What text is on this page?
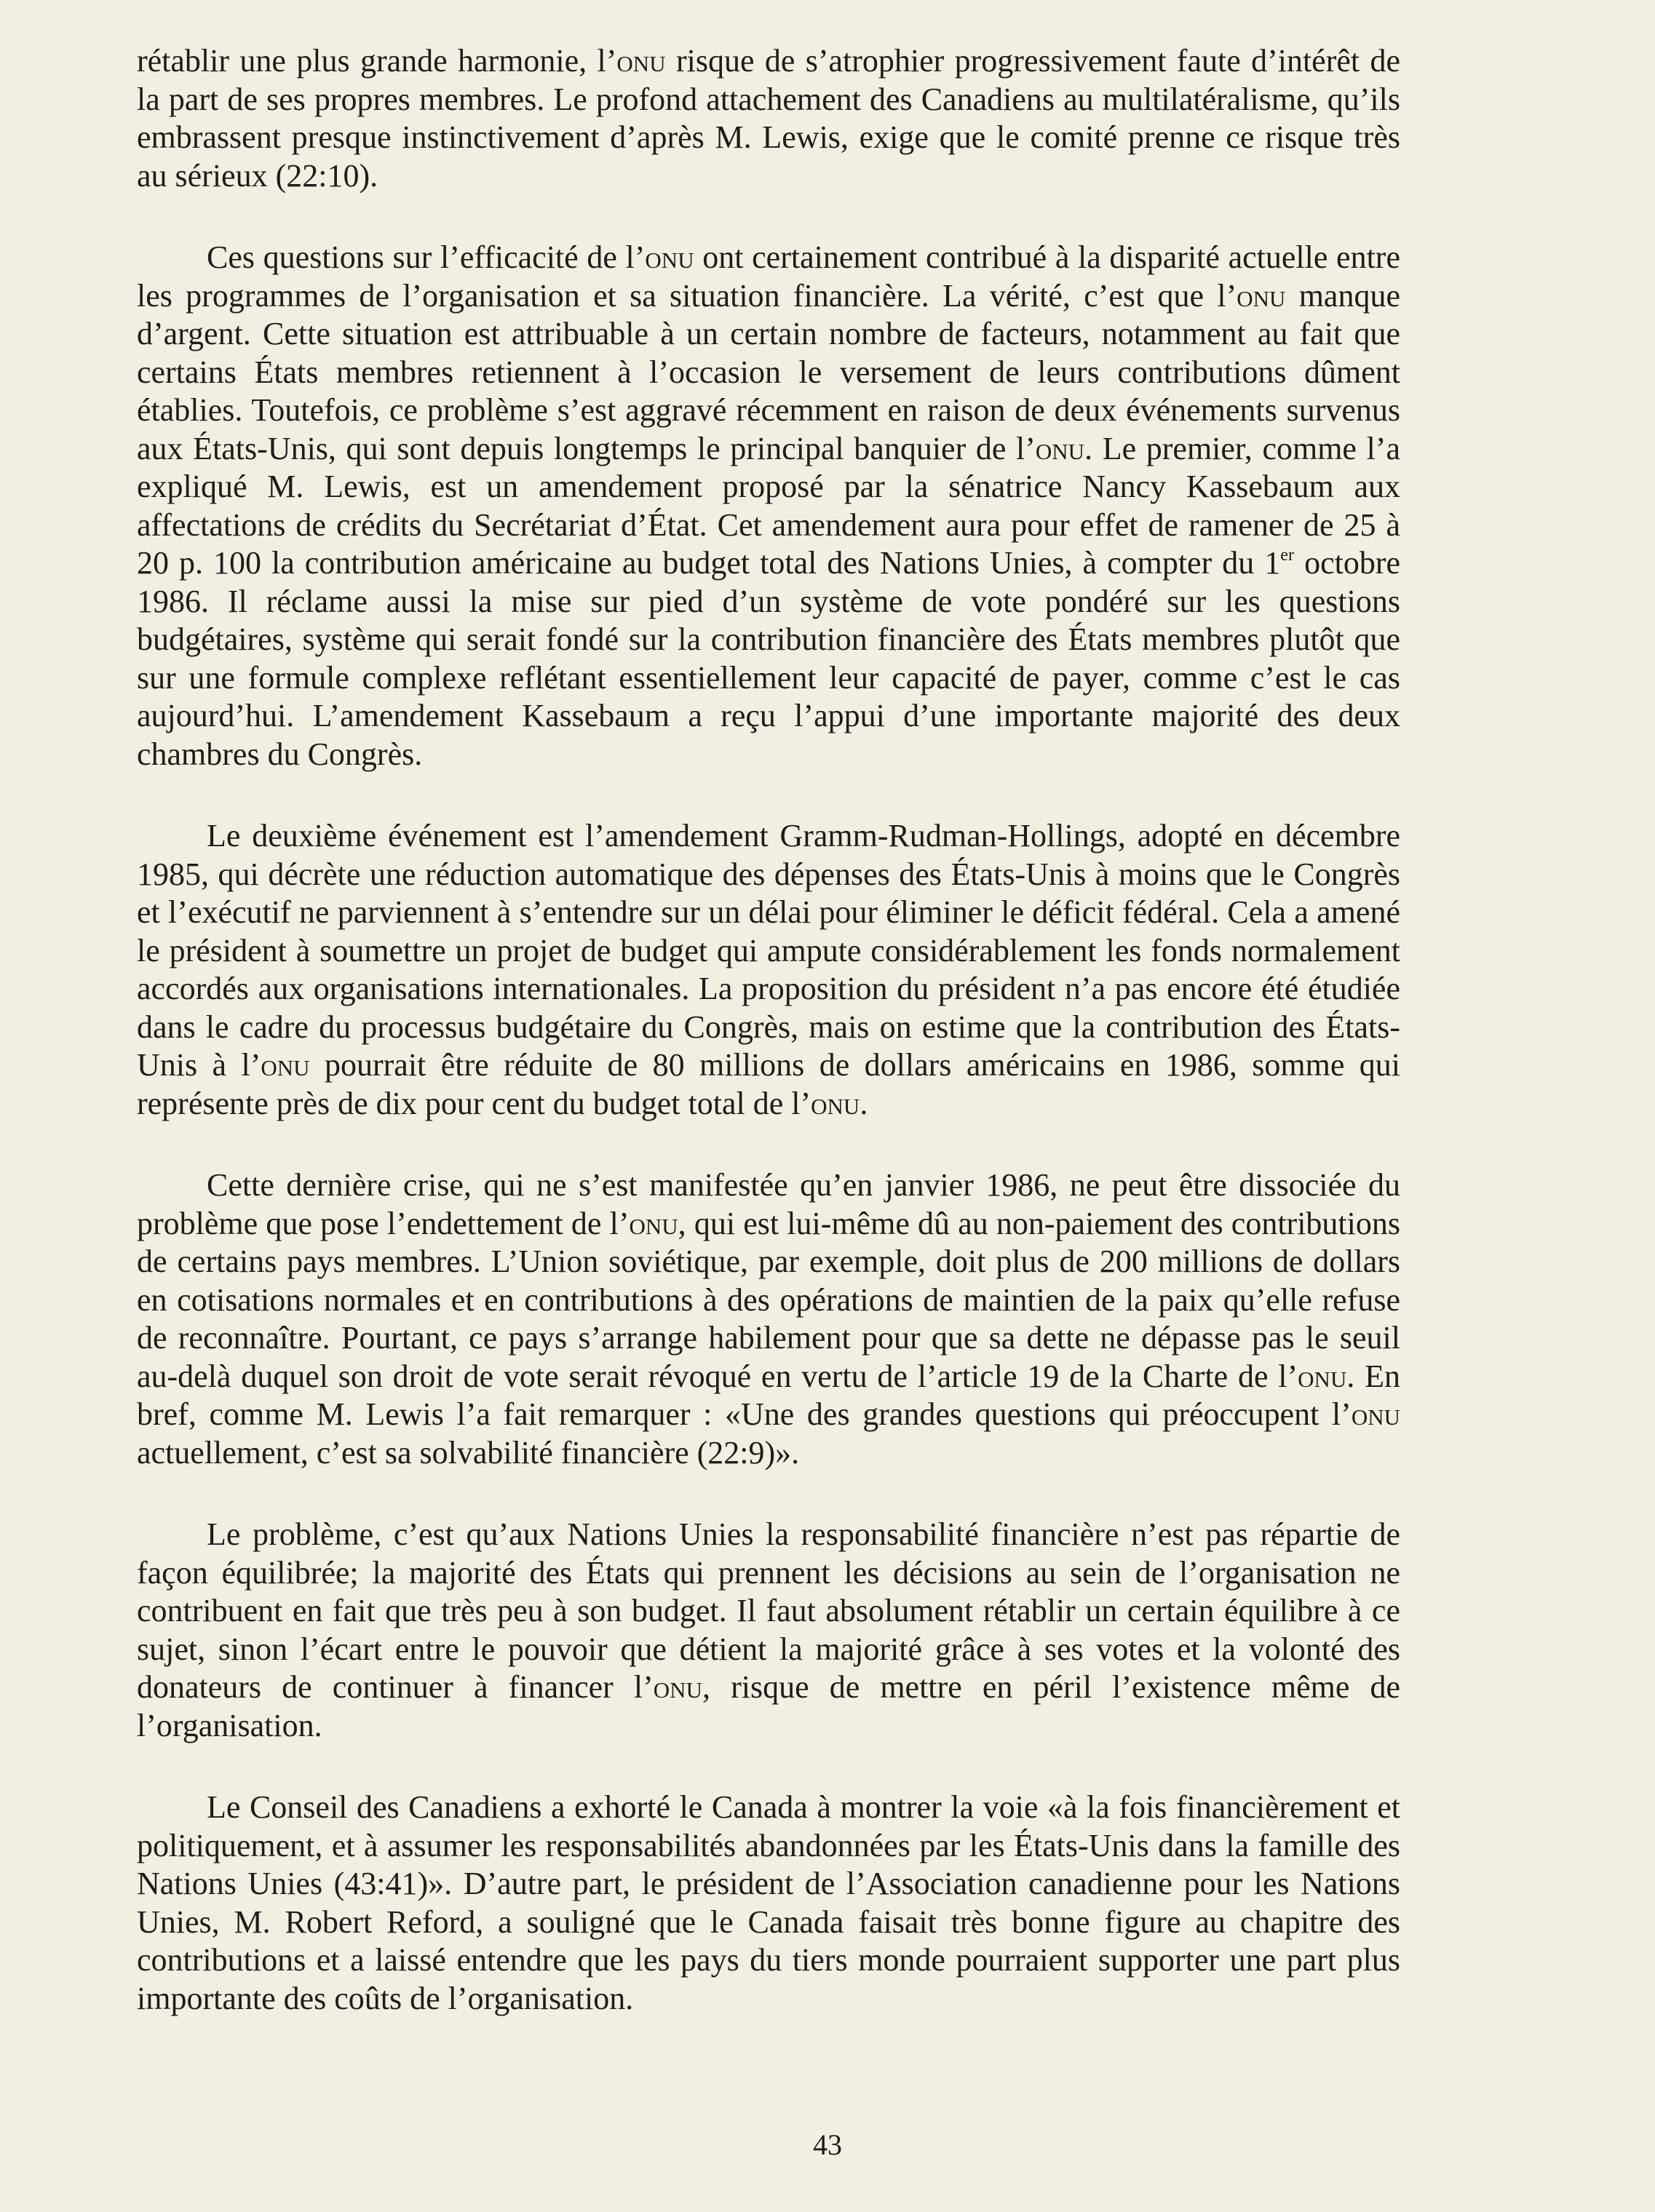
rétablir une plus grande harmonie, l’onu risque de s’atrophier progressivement faute d’intérêt de la part de ses propres membres. Le profond attachement des Canadiens au multilatéralisme, qu’ils embrassent presque instinctivement d’après M. Lewis, exige que le comité prenne ce risque très au sérieux (22:10).

Ces questions sur l’efficacité de l’onu ont certainement contribué à la disparité actuelle entre les programmes de l’organisation et sa situation financière. La vérité, c’est que l’onu manque d’argent. Cette situation est attribuable à un certain nombre de facteurs, notamment au fait que certains États membres retiennent à l’occasion le versement de leurs contributions dûment établies. Toutefois, ce problème s’est aggravé récemment en raison de deux événements survenus aux États-Unis, qui sont depuis longtemps le principal banquier de l’onu. Le premier, comme l’a expliqué M. Lewis, est un amendement proposé par la sénatrice Nancy Kassebaum aux affectations de crédits du Secrétariat d’État. Cet amendement aura pour effet de ramener de 25 à 20 p. 100 la contribution américaine au budget total des Nations Unies, à compter du 1er octobre 1986. Il réclame aussi la mise sur pied d’un système de vote pondéré sur les questions budgétaires, système qui serait fondé sur la contribution financière des États membres plutôt que sur une formule complexe reflétant essentiellement leur capacité de payer, comme c’est le cas aujourd’hui. L’amendement Kassebaum a reçu l’appui d’une importante majorité des deux chambres du Congrès.

Le deuxième événement est l’amendement Gramm-Rudman-Hollings, adopté en décembre 1985, qui décrète une réduction automatique des dépenses des États-Unis à moins que le Congrès et l’exécutif ne parviennent à s’entendre sur un délai pour éliminer le déficit fédéral. Cela a amené le président à soumettre un projet de budget qui ampute considérablement les fonds normalement accordés aux organisations internationales. La proposition du président n’a pas encore été étudiée dans le cadre du processus budgétaire du Congrès, mais on estime que la contribution des États-Unis à l’onu pourrait être réduite de 80 millions de dollars américains en 1986, somme qui représente près de dix pour cent du budget total de l’onu.

Cette dernière crise, qui ne s’est manifestée qu’en janvier 1986, ne peut être dissociée du problème que pose l’endettement de l’onu, qui est lui-même dû au non-paiement des contributions de certains pays membres. L’Union soviétique, par exemple, doit plus de 200 millions de dollars en cotisations normales et en contributions à des opérations de maintien de la paix qu’elle refuse de reconnaître. Pourtant, ce pays s’arrange habilement pour que sa dette ne dépasse pas le seuil au-delà duquel son droit de vote serait révoqué en vertu de l’article 19 de la Charte de l’onu. En bref, comme M. Lewis l’a fait remarquer : «Une des grandes questions qui préoccupent l’onu actuellement, c’est sa solvabilité financière (22:9)».

Le problème, c’est qu’aux Nations Unies la responsabilité financière n’est pas répartie de façon équilibrée; la majorité des États qui prennent les décisions au sein de l’organisation ne contribuent en fait que très peu à son budget. Il faut absolument rétablir un certain équilibre à ce sujet, sinon l’écart entre le pouvoir que détient la majorité grâce à ses votes et la volonté des donateurs de continuer à financer l’onu, risque de mettre en péril l’existence même de l’organisation.

Le Conseil des Canadiens a exhorté le Canada à montrer la voie «à la fois financièrement et politiquement, et à assumer les responsabilités abandonnées par les États-Unis dans la famille des Nations Unies (43:41)». D’autre part, le président de l’Association canadienne pour les Nations Unies, M. Robert Reford, a souligné que le Canada faisait très bonne figure au chapitre des contributions et a laissé entendre que les pays du tiers monde pourraient supporter une part plus importante des coûts de l’organisation.

43
